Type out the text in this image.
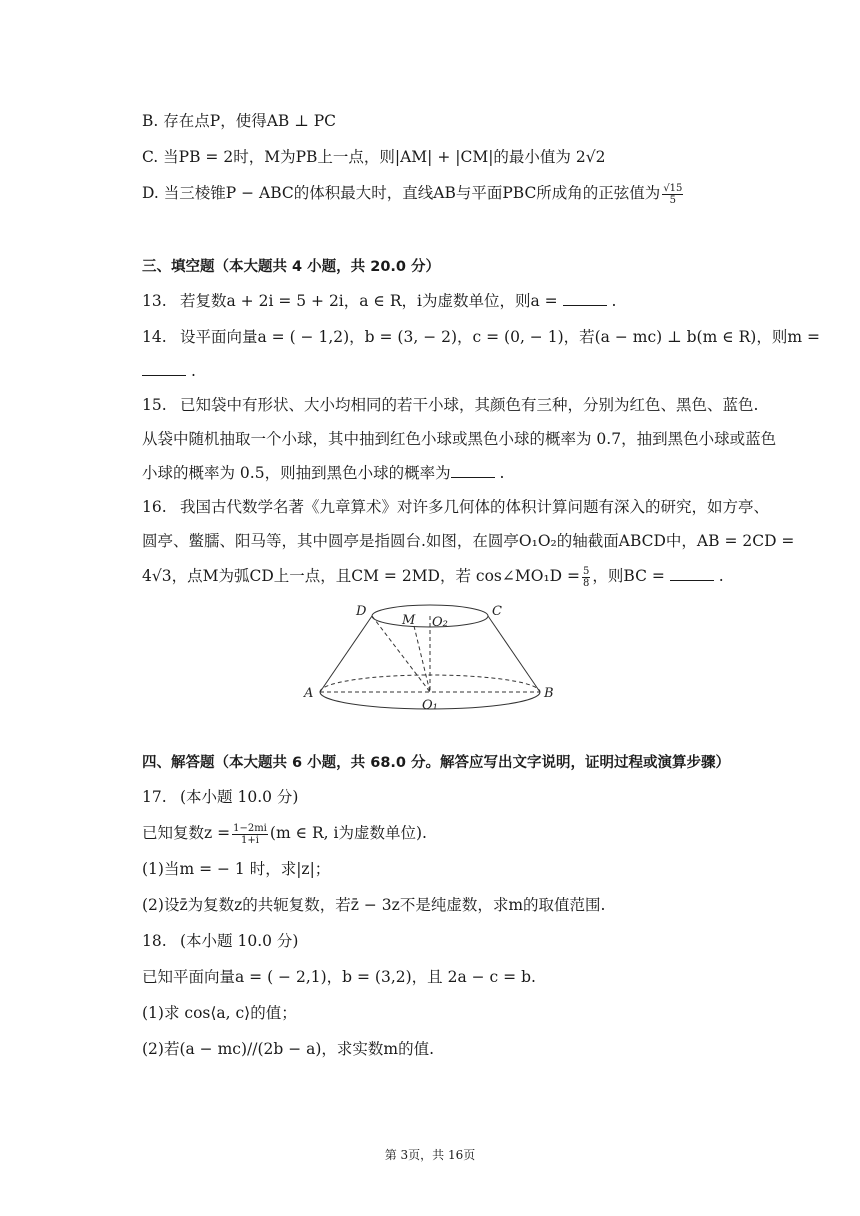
B. 存在点P，使得AB ⊥ PC
C. 当PB = 2时，M为PB上一点，则|AM| + |CM|的最小值为 2√2
D. 当三棱锥P − ABC的体积最大时，直线AB与平面PBC所成角的正弦值为 $\frac{√15}{5}$
三、填空题（本大题共 4 小题，共 20.0 分）
13. 若复数a + 2i = 5 + 2i，a ∈ R，i为虚数单位，则a =	.
14. 设平面向量a = ( − 1,2)，b = (3, − 2)，c = (0, − 1)，若(a − mc) ⊥ b(m ∈ R)，则m =
.
15. 已知袋中有形状、大小均相同的若干小球，其颜色有三种，分别为红色、黑色、蓝色.
从袋中随机抽取一个小球，其中抽到红色小球或黑色小球的概率为 0.7，抽到黑色小球或蓝色
小球的概率为 0.5，则抽到黑色小球的概率为	.
16. 我国古代数学名著《九章算术》对许多几何体的体积计算问题有深入的研究，如方亭、
圆亭、鳖臑、阳马等，其中圆亭是指圆台.如图，在圆亭O₁O₂的轴截面ABCD中，AB = 2CD =
4√3，点M为弧CD上一点，且CM = 2MD，若 cos∠MO₁D = $\frac{5}{8}$ ，则BC =	.
D
M O₂
C
A
O₁
B
四、解答题（本大题共 6 小题，共 68.0 分。解答应写出文字说明，证明过程或演算步骤）
17. (本小题 10.0 分)
已知复数$z = \frac{1-2mi}{1+i} (m$ ∈ R, i为虚数单位).
(1)当m = − 1 时，求|z|；
(2)设z̄为复数z的共轭复数，若z̄ − 3z不是纯虚数，求m的取值范围.
18. (本小题 10.0 分)
已知平面向量a = ( − 2,1)，b = (3,2)，且 2a − c = b.
(1)求 cos⟨a, c⟩的值；
(2)若(a − mc)//(2b − a)，求实数m的值.
第 3页，共 16页
